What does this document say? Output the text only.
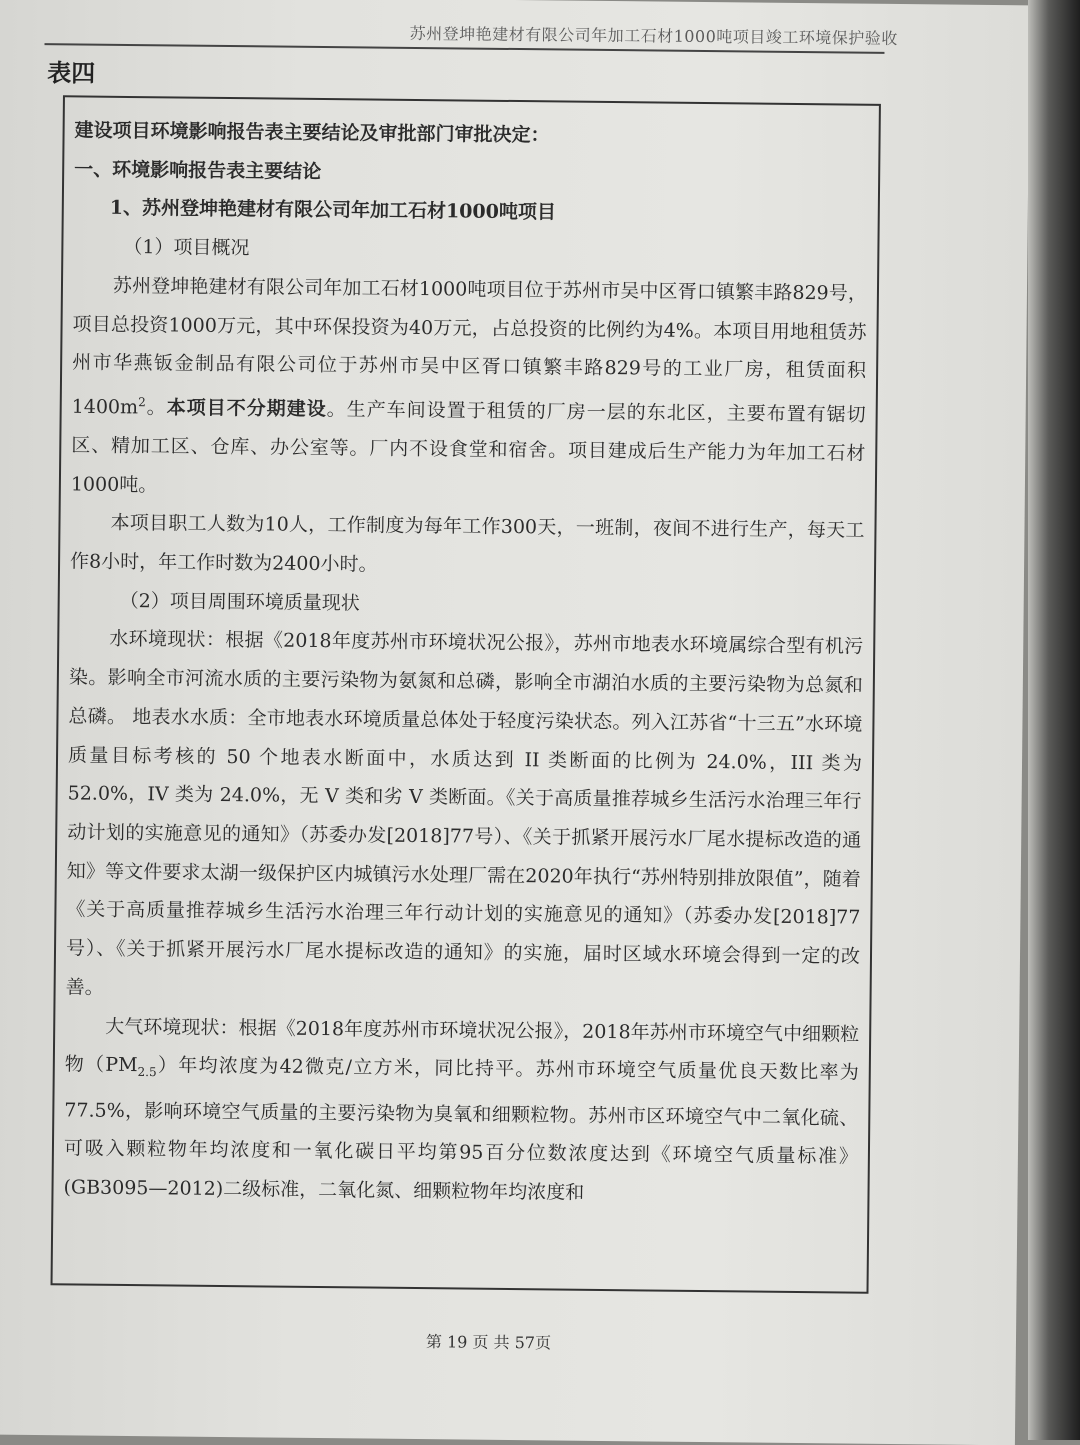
苏州登坤艳建材有限公司年加工石材1000吨项目竣工环境保护验收
表四
建设项目环境影响报告表主要结论及审批部门审批决定：
一、环境影响报告表主要结论
1、苏州登坤艳建材有限公司年加工石材1000吨项目
（1）项目概况
苏州登坤艳建材有限公司年加工石材1000吨项目位于苏州市吴中区胥口镇繁丰路829号，项目总投资1000万元，其中环保投资为40万元，占总投资的比例约为4%。本项目用地租赁苏州市华燕钣金制品有限公司位于苏州市吴中区胥口镇繁丰路829号的工业厂房，租赁面积$1400m^2$。本项目不分期建设。生产车间设置于租赁的厂房一层的东北区，主要布置有锯切区、精加工区、仓库、办公室等。厂内不设食堂和宿舍。项目建成后生产能力为年加工石材1000吨。
本项目职工人数为10人，工作制度为每年工作300天，一班制，夜间不进行生产，每天工作8小时，年工作时数为2400小时。
（2）项目周围环境质量现状
水环境现状：根据《2018年度苏州市环境状况公报》，苏州市地表水环境属综合型有机污染。影响全市河流水质的主要污染物为氨氮和总磷，影响全市湖泊水质的主要污染物为总氮和总磷。 地表水水质：全市地表水环境质量总体处于轻度污染状态。列入江苏省“十三五”水环境质量目标考核的 50 个地表水断面中，水质达到 II 类断面的比例为 24.0%，III 类为 52.0%，IV 类为 24.0%，无 V 类和劣 V 类断面。《关于高质量推荐城乡生活污水治理三年行动计划的实施意见的通知》（苏委办发[2018]77号）、《关于抓紧开展污水厂尾水提标改造的通知》等文件要求太湖一级保护区内城镇污水处理厂需在2020年执行“苏州特别排放限值”，随着《关于高质量推荐城乡生活污水治理三年行动计划的实施意见的通知》（苏委办发[2018]77 号）、《关于抓紧开展污水厂尾水提标改造的通知》的实施，届时区域水环境会得到一定的改善。
大气环境现状：根据《2018年度苏州市环境状况公报》，2018年苏州市环境空气中细颗粒物$(PM_{2.5})$年均浓度为42微克/立方米，同比持平。苏州市环境空气质量优良天数比率为 77.5%，影响环境空气质量的主要污染物为臭氧和细颗粒物。苏州市区环境空气中二氧化硫、可吸入颗粒物年均浓度和一氧化碳日平均第95百分位数浓度达到《环境空气质量标准》(GB3095—2012)二级标准，二氧化氮、细颗粒物年均浓度和
第 19 页 共 57页
